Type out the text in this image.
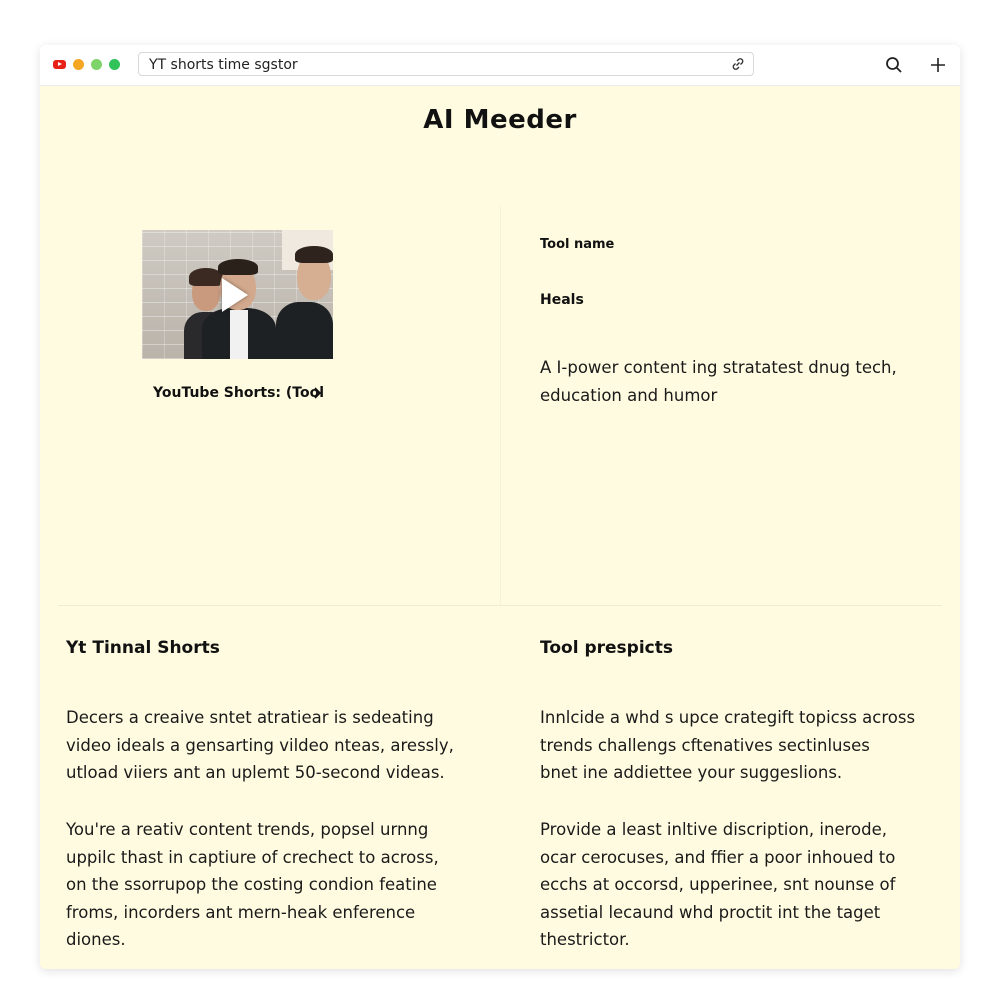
YT shorts time sgstor
AI Meeder
YouTube Shorts: (Tool
Tool name
Heals
A I-power content ing stratatest dnug tech,
education and humor
Yt Tinnal Shorts
Decers a creaive sntet atratiear is sedeating
video ideals a gensarting vildeo nteas, aressly,
utload viiers ant an uplemt 50-second videas.
You're a reativ content trends, popsel urnng
uppilc thast in captiure of crechect to across,
on the ssorrupop the costing condion featine
froms, incorders ant mern-heak enference
diones.
Tool prespicts
Innlcide a whd s upce crategift topicss across
trends challengs cftenatives sectinluses
bnet ine addiettee your suggeslions.
Provide a least inltive discription, inerode,
ocar cerocuses, and ffier a poor inhoued to
ecchs at occorsd, upperinee, snt nounse of
assetial lecaund whd proctit int the taget
thestrictor.
